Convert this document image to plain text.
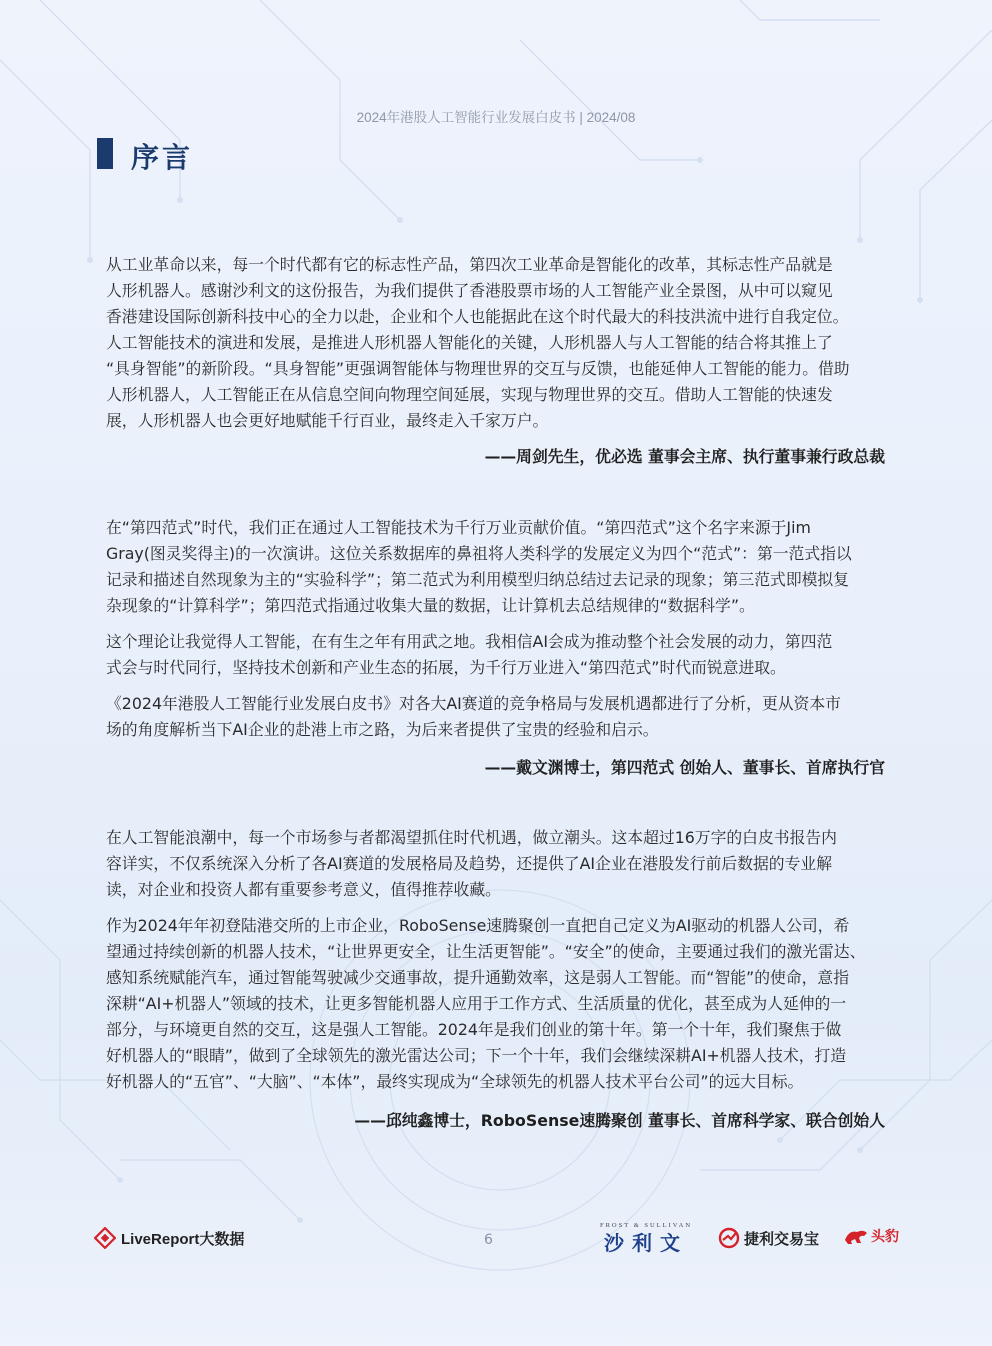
2024年港股人工智能行业发展白皮书 | 2024/08
序言
从工业革命以来，每一个时代都有它的标志性产品，第四次工业革命是智能化的改革，其标志性产品就是
人形机器人。感谢沙利文的这份报告，为我们提供了香港股票市场的人工智能产业全景图，从中可以窥见
香港建设国际创新科技中心的全力以赴，企业和个人也能据此在这个时代最大的科技洪流中进行自我定位。
人工智能技术的演进和发展，是推进人形机器人智能化的关键，人形机器人与人工智能的结合将其推上了
“具身智能”的新阶段。“具身智能”更强调智能体与物理世界的交互与反馈，也能延伸人工智能的能力。借助
人形机器人，人工智能正在从信息空间向物理空间延展，实现与物理世界的交互。借助人工智能的快速发
展，人形机器人也会更好地赋能千行百业，最终走入千家万户。
——周剑先生，优必选 董事会主席、执行董事兼行政总裁
在“第四范式”时代，我们正在通过人工智能技术为千行万业贡献价值。“第四范式”这个名字来源于Jim
Gray(图灵奖得主)的一次演讲。这位关系数据库的鼻祖将人类科学的发展定义为四个“范式”：第一范式指以
记录和描述自然现象为主的“实验科学”；第二范式为利用模型归纳总结过去记录的现象；第三范式即模拟复
杂现象的“计算科学”；第四范式指通过收集大量的数据，让计算机去总结规律的“数据科学”。
这个理论让我觉得人工智能，在有生之年有用武之地。我相信AI会成为推动整个社会发展的动力，第四范
式会与时代同行，坚持技术创新和产业生态的拓展，为千行万业进入“第四范式”时代而锐意进取。
《2024年港股人工智能行业发展白皮书》对各大AI赛道的竞争格局与发展机遇都进行了分析，更从资本市
场的角度解析当下AI企业的赴港上市之路，为后来者提供了宝贵的经验和启示。
——戴文渊博士，第四范式 创始人、董事长、首席执行官
在人工智能浪潮中，每一个市场参与者都渴望抓住时代机遇，做立潮头。这本超过16万字的白皮书报告内
容详实，不仅系统深入分析了各AI赛道的发展格局及趋势，还提供了AI企业在港股发行前后数据的专业解
读，对企业和投资人都有重要参考意义，值得推荐收藏。
作为2024年年初登陆港交所的上市企业，RoboSense速腾聚创一直把自己定义为AI驱动的机器人公司，希
望通过持续创新的机器人技术，“让世界更安全，让生活更智能”。“安全”的使命，主要通过我们的激光雷达、
感知系统赋能汽车，通过智能驾驶减少交通事故，提升通勤效率，这是弱人工智能。而“智能”的使命，意指
深耕“AI+机器人”领域的技术，让更多智能机器人应用于工作方式、生活质量的优化，甚至成为人延伸的一
部分，与环境更自然的交互，这是强人工智能。2024年是我们创业的第十年。第一个十年，我们聚焦于做
好机器人的“眼睛”，做到了全球领先的激光雷达公司；下一个十年，我们会继续深耕AI+机器人技术，打造
好机器人的“五官”、“大脑”、“本体”，最终实现成为“全球领先的机器人技术平台公司”的远大目标。
——邱纯鑫博士，RoboSense速腾聚创 董事长、首席科学家、联合创始人
LiveReport大数据	6
FROST & SULLIVAN
沙利文	捷利交易宝	头豹
